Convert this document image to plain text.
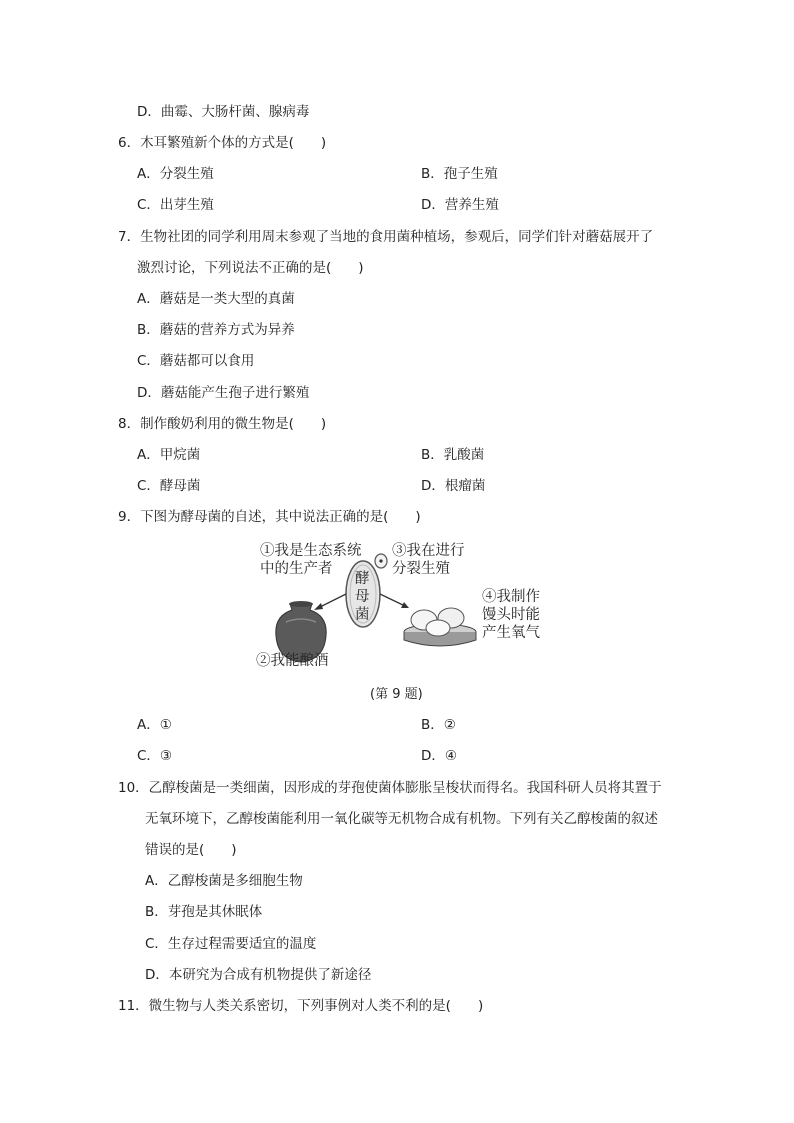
D．曲霉、大肠杆菌、腺病毒
6．木耳繁殖新个体的方式是(　　)
A．分裂生殖	B．孢子生殖
C．出芽生殖	D．营养生殖
7．生物社团的同学利用周末参观了当地的食用菌种植场，参观后，同学们针对蘑菇展开了
激烈讨论，下列说法不正确的是(　　)
A．蘑菇是一类大型的真菌
B．蘑菇的营养方式为异养
C．蘑菇都可以食用
D．蘑菇能产生孢子进行繁殖
8．制作酸奶利用的微生物是(　　)
A．甲烷菌	B．乳酸菌
C．酵母菌	D．根瘤菌
9．下图为酵母菌的自述，其中说法正确的是(　　)
①我是生态系统
中的生产者
③我在进行
分裂生殖
④我制作
馒头时能
产生氧气
②我能酿酒
酵
母
菌
(第 9 题)
A．①	B．②
C．③	D．④
10．乙醇梭菌是一类细菌，因形成的芽孢使菌体膨胀呈梭状而得名。我国科研人员将其置于
无氧环境下，乙醇梭菌能利用一氧化碳等无机物合成有机物。下列有关乙醇梭菌的叙述
错误的是(　　)
A．乙醇梭菌是多细胞生物
B．芽孢是其休眠体
C．生存过程需要适宜的温度
D．本研究为合成有机物提供了新途径
11．微生物与人类关系密切，下列事例对人类不利的是(　　)
